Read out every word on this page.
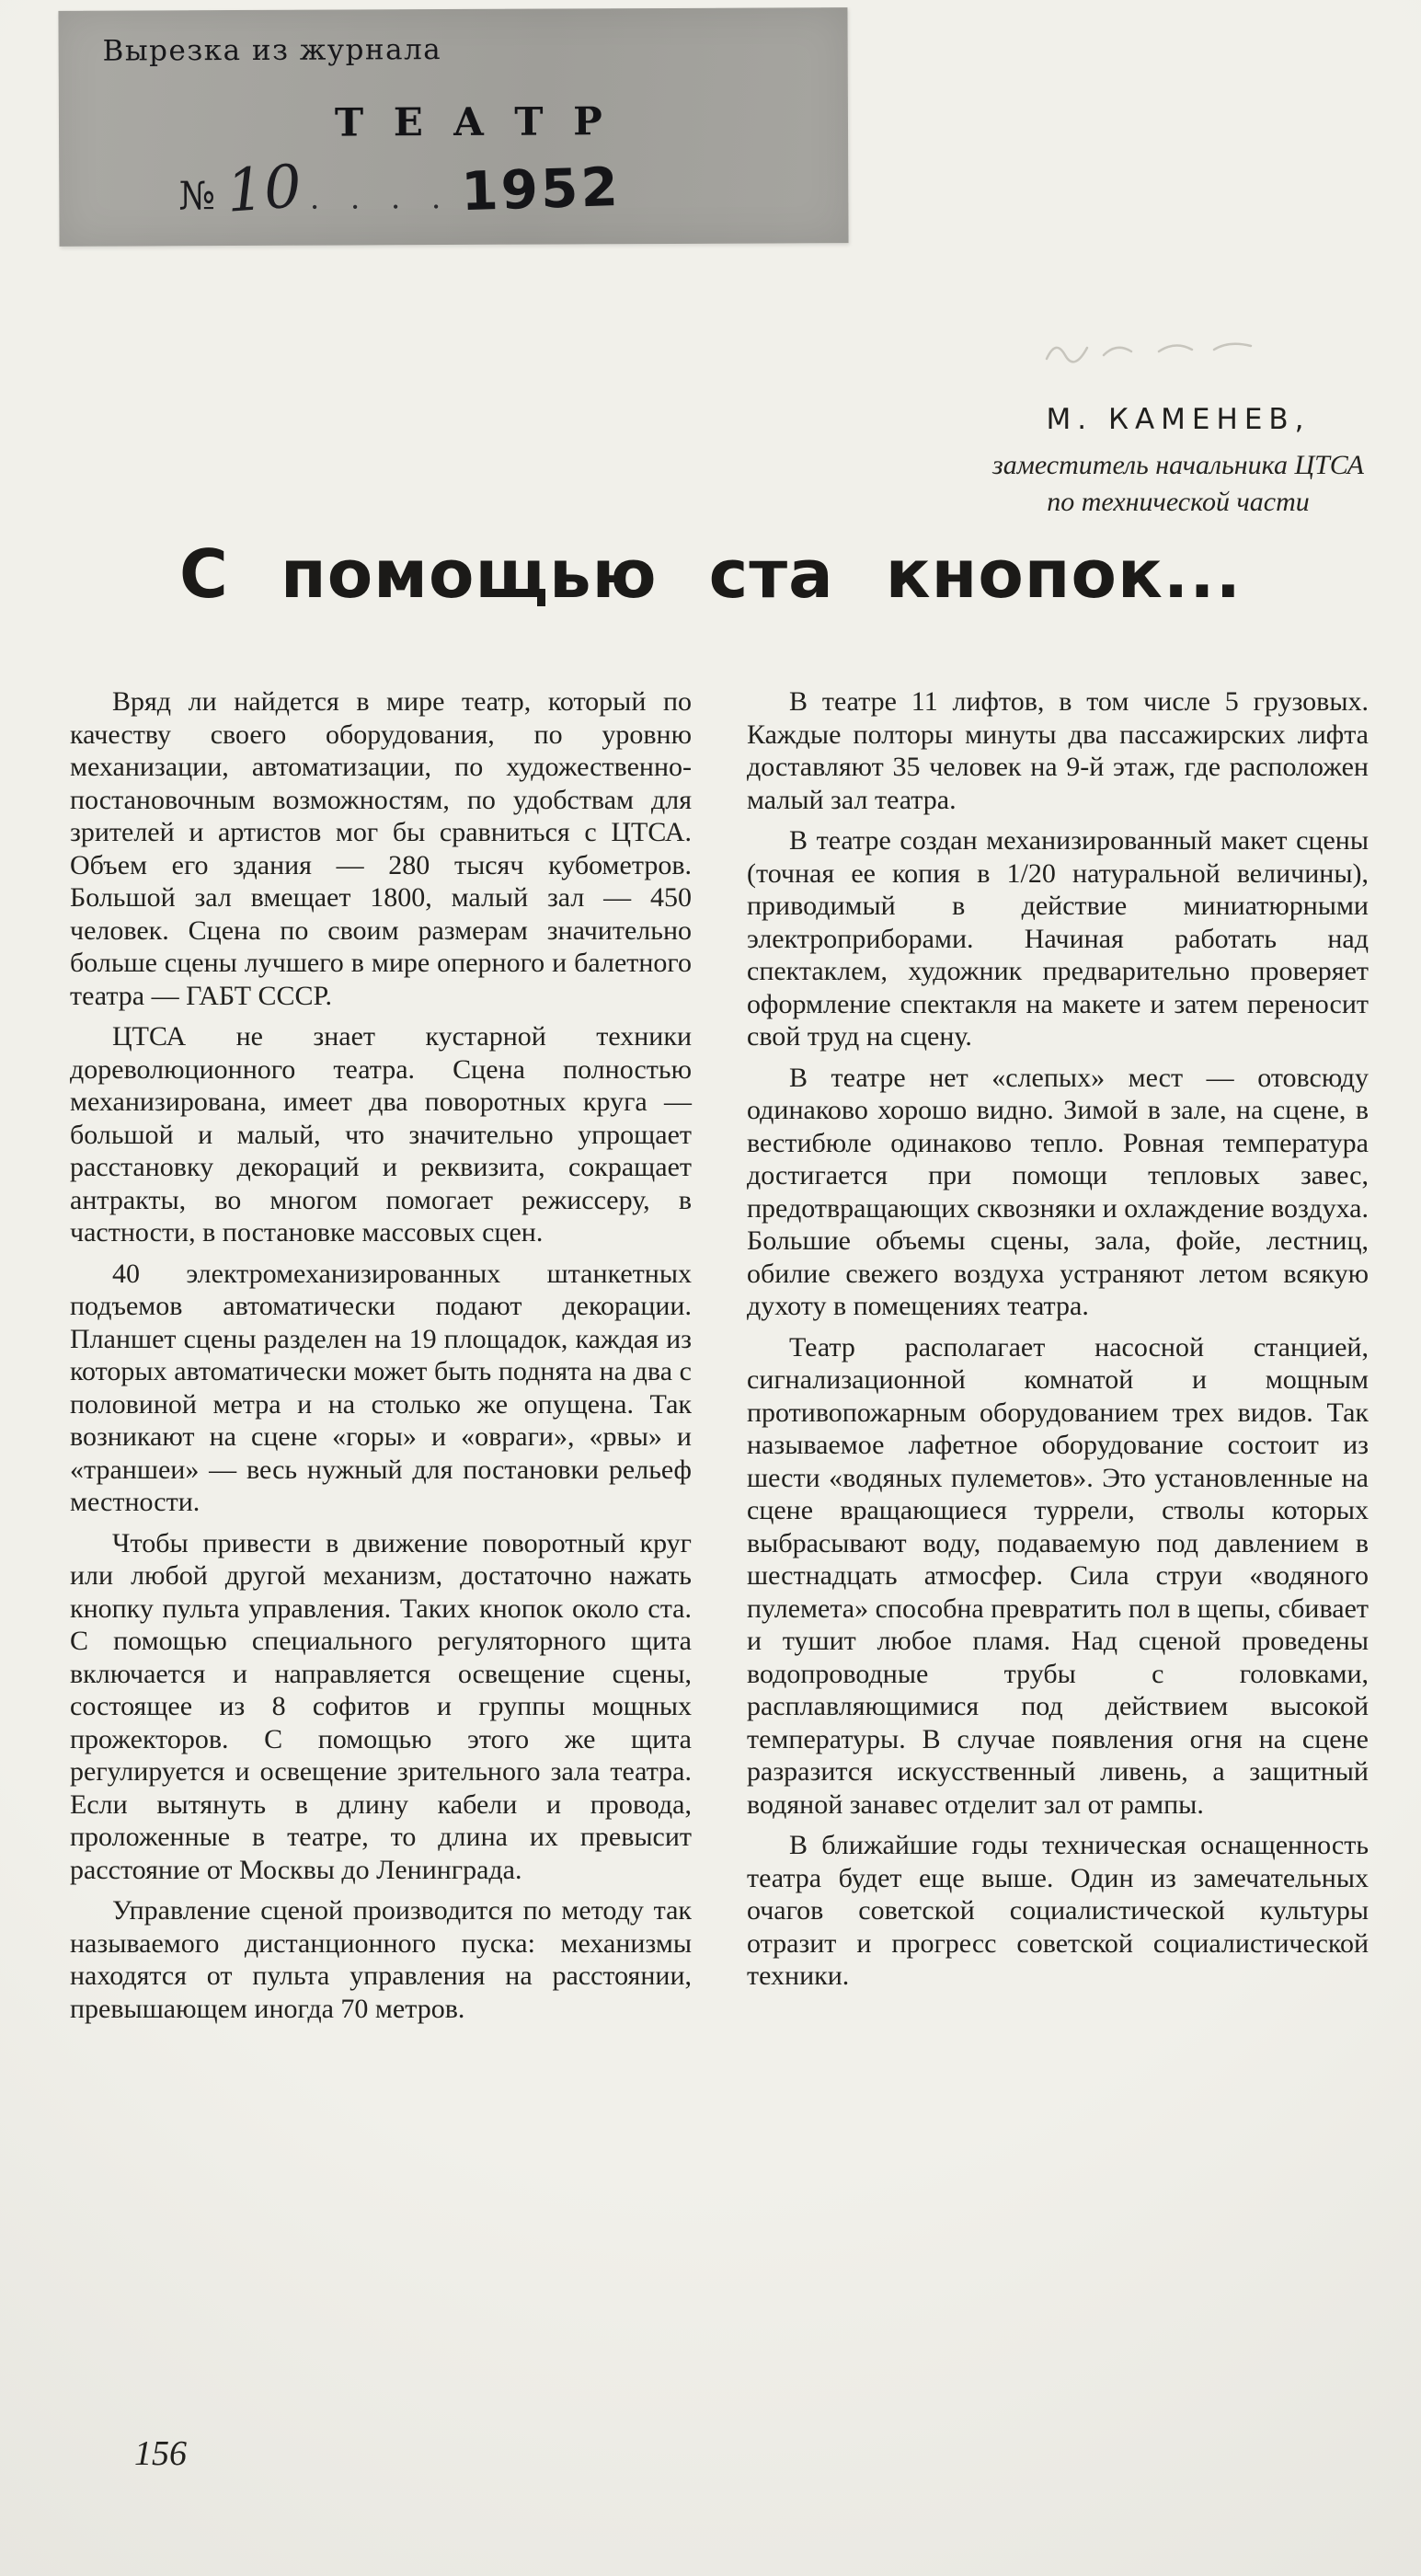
Вырезка из журнала
Т Е А Т Р
№ 10 . . . . .
1952
М. КАМЕНЕВ,
заместитель начальника ЦТСА
по технической части
С помощью ста кнопок...

Вряд ли найдется в мире театр, который по качеству своего оборудования, по уровню механизации, автоматизации, по художественно-постановочным возможностям, по удобствам для зрителей и артистов мог бы сравниться с ЦТСА. Объем его здания — 280 тысяч кубометров. Большой зал вмещает 1800, малый зал — 450 человек. Сцена по своим размерам значительно больше сцены лучшего в мире оперного и балетного театра — ГАБТ СССР.

ЦТСА не знает кустарной техники дореволюционного театра. Сцена полностью механизирована, имеет два поворотных круга — большой и малый, что значительно упрощает расстановку декораций и реквизита, сокращает антракты, во многом помогает режиссеру, в частности, в постановке массовых сцен.

40 электромеханизированных штанкетных подъемов автоматически подают декорации. Планшет сцены разделен на 19 площадок, каждая из которых автоматически может быть поднята на два с половиной метра и на столько же опущена. Так возникают на сцене «горы» и «овраги», «рвы» и «траншеи» — весь нужный для постановки рельеф местности.

Чтобы привести в движение поворотный круг или любой другой механизм, достаточно нажать кнопку пульта управления. Таких кнопок около ста. С помощью специального регуляторного щита включается и направляется освещение сцены, состоящее из 8 софитов и группы мощных прожекторов. С помощью этого же щита регулируется и освещение зрительного зала театра. Если вытянуть в длину кабели и провода, проложенные в театре, то длина их превысит расстояние от Москвы до Ленинграда.

Управление сценой производится по методу так называемого дистанционного пуска: механизмы находятся от пульта управления на расстоянии, превышающем иногда 70 метров.

В театре 11 лифтов, в том числе 5 грузовых. Каждые полторы минуты два пассажирских лифта доставляют 35 человек на 9-й этаж, где расположен малый зал театра.

В театре создан механизированный макет сцены (точная ее копия в 1/20 натуральной величины), приводимый в действие миниатюрными электроприборами. Начиная работать над спектаклем, художник предварительно проверяет оформление спектакля на макете и затем переносит свой труд на сцену.

В театре нет «слепых» мест — отовсюду одинаково хорошо видно. Зимой в зале, на сцене, в вестибюле одинаково тепло. Ровная температура достигается при помощи тепловых завес, предотвращающих сквозняки и охлаждение воздуха. Большие объемы сцены, зала, фойе, лестниц, обилие свежего воздуха устраняют летом всякую духоту в помещениях театра.

Театр располагает насосной станцией, сигнализационной комнатой и мощным противопожарным оборудованием трех видов. Так называемое лафетное оборудование состоит из шести «водяных пулеметов». Это установленные на сцене вращающиеся туррели, стволы которых выбрасывают воду, подаваемую под давлением в шестнадцать атмосфер. Сила струи «водяного пулемета» способна превратить пол в щепы, сбивает и тушит любое пламя. Над сценой проведены водопроводные трубы с головками, расплавляющимися под действием высокой температуры. В случае появления огня на сцене разразится искусственный ливень, а защитный водяной занавес отделит зал от рампы.

В ближайшие годы техническая оснащенность театра будет еще выше. Один из замечательных очагов советской социалистической культуры отразит и прогресс советской социалистической техники.

156
